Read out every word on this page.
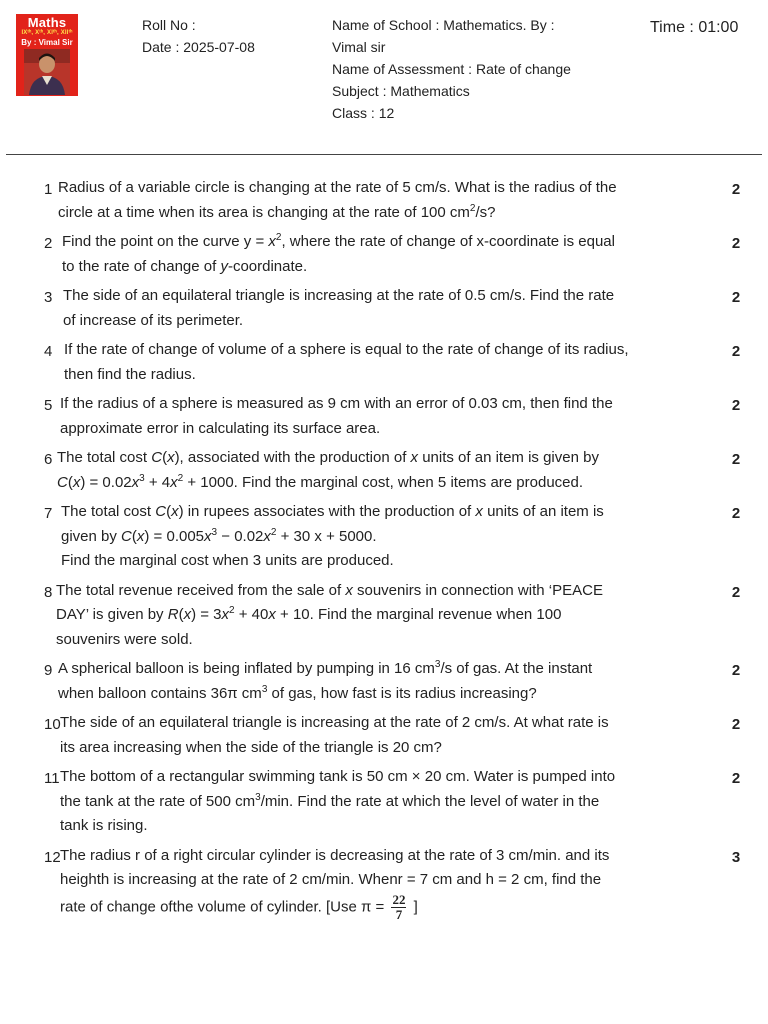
Maths
IXᵗʰ, Xᵗʰ, XIᵗʰ, XIIᵗʰ
By : Vimal Sir
Roll No :
Date : 2025-07-08
Name of School : Mathematics. By : Vimal sir
Name of Assessment : Rate of change
Subject : Mathematics
Class : 12
Time : 01:00
1 Radius of a variable circle is changing at the rate of 5 cm/s. What is the radius of the circle at a time when its area is changing at the rate of 100 $cm^2/s$?
2
2 Find the point on the curve $y = x^2$, where the rate of change of x-coordinate is equal to the rate of change of y-coordinate.
2
3 The side of an equilateral triangle is increasing at the rate of 0.5 cm/s. Find the rate of increase of its perimeter.
2
4 If the rate of change of volume of a sphere is equal to the rate of change of its radius, then find the radius.
2
5 If the radius of a sphere is measured as 9 cm with an error of 0.03 cm, then find the approximate error in calculating its surface area.
2
6 The total cost C(x), associated with the production of x units of an item is given by $C(x) = 0.02x^3 + 4x^2 + 1000$. Find the marginal cost, when 5 items are produced.
2
7 The total cost C(x) in rupees associates with the production of x units of an item is given by $C(x) = 0.005x^3 - 0.02x^2 + 30$ x + 5000.
Find the marginal cost when 3 units are produced.
2
8 The total revenue received from the sale of x souvenirs in connection with ‘PEACE DAY’ is given by $R(x) = 3x^2 + 40x + 10$. Find the marginal revenue when 100 souvenirs were sold.
2
9 A spherical balloon is being inflated by pumping in 16 $cm^3/s$ of gas. At the instant when balloon contains 36π $cm^3$ of gas, how fast is its radius increasing?
2
10 The side of an equilateral triangle is increasing at the rate of 2 cm/s. At what rate is its area increasing when the side of the triangle is 20 cm?
2
11 The bottom of a rectangular swimming tank is 50 cm × 20 cm. Water is pumped into the tank at the rate of 500 $cm^3/\min$. Find the rate at which the level of water in the tank is rising.
2
12 The radius r of a right circular cylinder is decreasing at the rate of 3 cm/min. and its heighth is increasing at the rate of 2 cm/min. Whenr = 7 cm and h = 2 cm, find the rate of change ofthe volume of cylinder. [Use $\pi = \frac{22}{7}$ ]
3
